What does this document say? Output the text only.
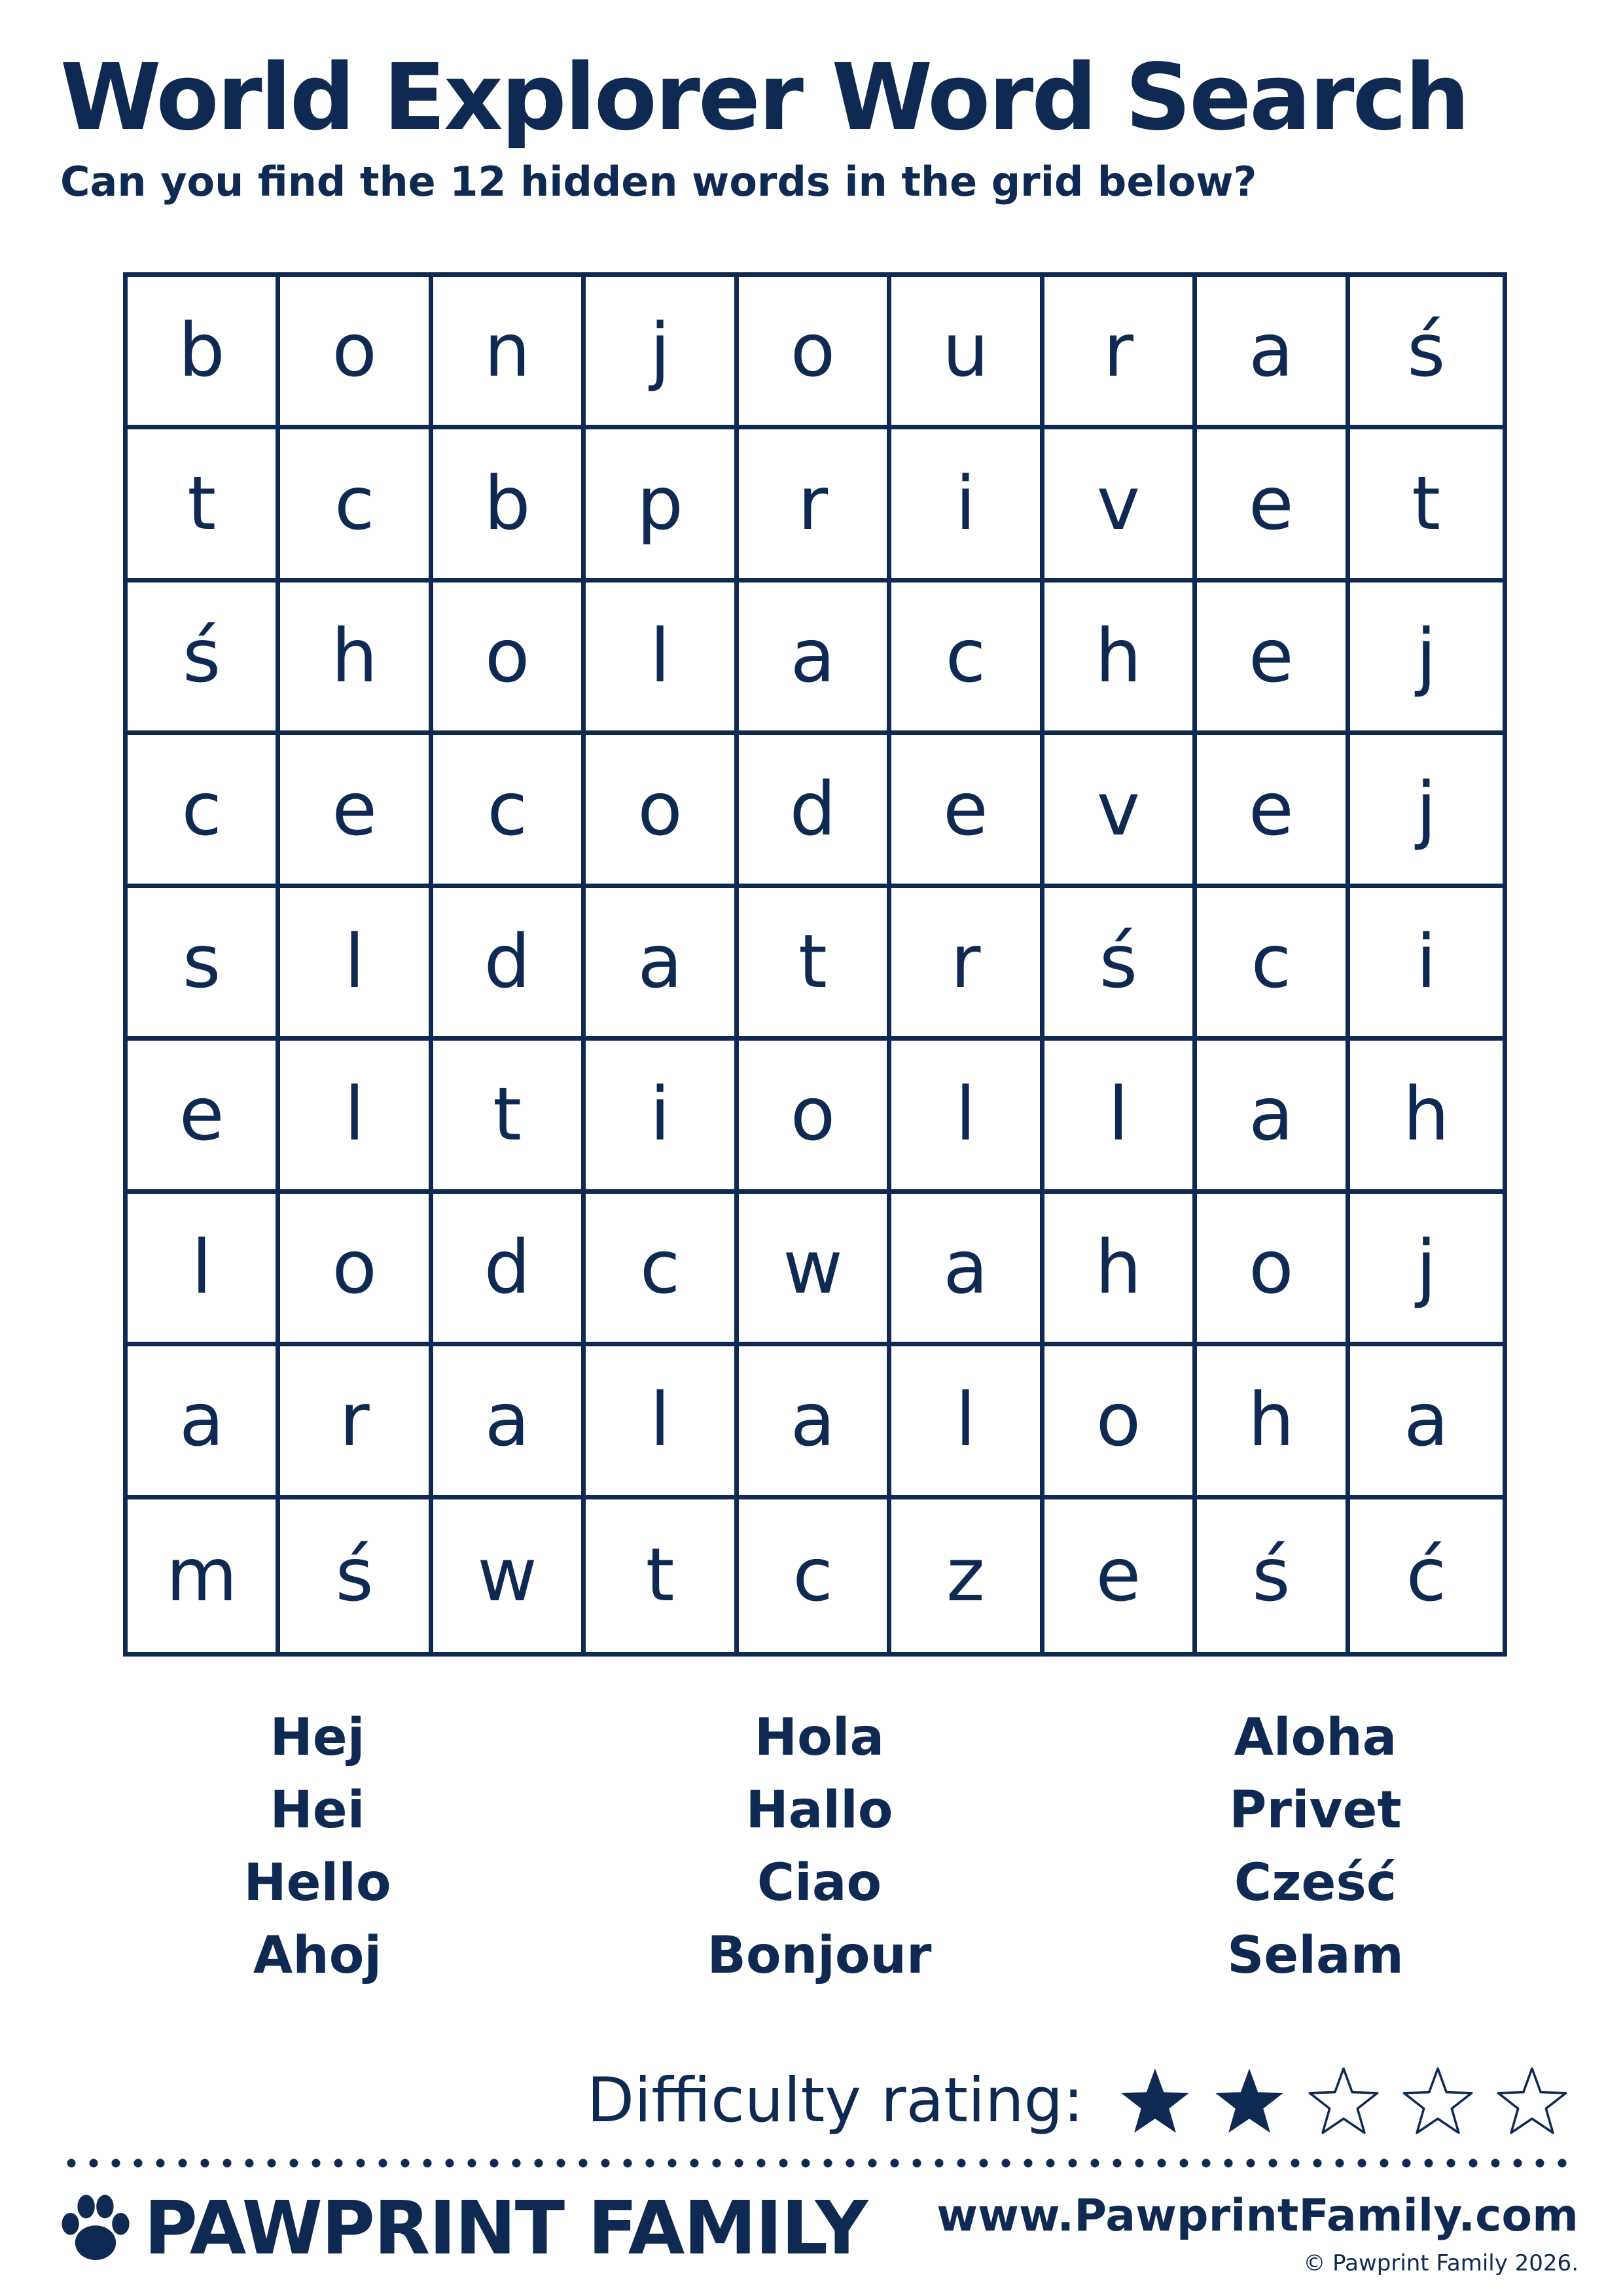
World Explorer Word Search

Can you find the 12 hidden words in the grid below?

b	o	n	j	o	u	r	a	ś
t	c	b	p	r	i	v	e	t
ś	h	o	l	a	c	h	e	j
c	e	c	o	d	e	v	e	j
s	l	d	a	t	r	ś	c	i
e	l	t	i	o	l	l	a	h
l	o	d	c	w	a	h	o	j
a	r	a	l	a	l	o	h	a
m	ś	w	t	c	z	e	ś	ć
Hej
Hei
Hello
Ahoj
Hola
Hallo
Ciao
Bonjour
Aloha
Privet
Cześć
Selam
Difficulty rating:
PAWPRINT FAMILY www.PawprintFamily.com
© Pawprint Family 2026.
